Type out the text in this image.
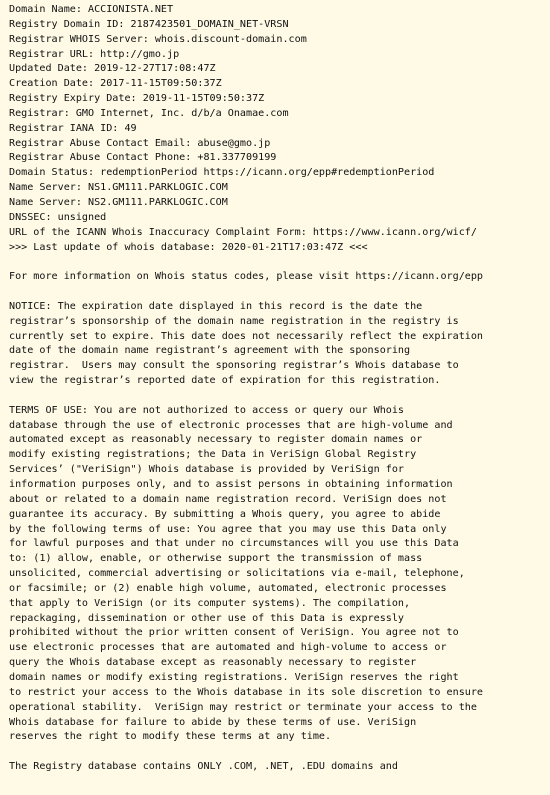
Domain Name: ACCIONISTA.NET
Registry Domain ID: 2187423501_DOMAIN_NET-VRSN
Registrar WHOIS Server: whois.discount-domain.com
Registrar URL: http://gmo.jp
Updated Date: 2019-12-27T17:08:47Z
Creation Date: 2017-11-15T09:50:37Z
Registry Expiry Date: 2019-11-15T09:50:37Z
Registrar: GMO Internet, Inc. d/b/a Onamae.com
Registrar IANA ID: 49
Registrar Abuse Contact Email: abuse@gmo.jp
Registrar Abuse Contact Phone: +81.337709199
Domain Status: redemptionPeriod https://icann.org/epp#redemptionPeriod
Name Server: NS1.GM111.PARKLOGIC.COM
Name Server: NS2.GM111.PARKLOGIC.COM
DNSSEC: unsigned
URL of the ICANN Whois Inaccuracy Complaint Form: https://www.icann.org/wicf/
>>> Last update of whois database: 2020-01-21T17:03:47Z <<<
For more information on Whois status codes, please visit https://icann.org/epp
NOTICE: The expiration date displayed in this record is the date the
registrar’s sponsorship of the domain name registration in the registry is
currently set to expire. This date does not necessarily reflect the expiration
date of the domain name registrant’s agreement with the sponsoring
registrar.  Users may consult the sponsoring registrar’s Whois database to
view the registrar’s reported date of expiration for this registration.
TERMS OF USE: You are not authorized to access or query our Whois
database through the use of electronic processes that are high-volume and
automated except as reasonably necessary to register domain names or
modify existing registrations; the Data in VeriSign Global Registry
Services’ ("VeriSign") Whois database is provided by VeriSign for
information purposes only, and to assist persons in obtaining information
about or related to a domain name registration record. VeriSign does not
guarantee its accuracy. By submitting a Whois query, you agree to abide
by the following terms of use: You agree that you may use this Data only
for lawful purposes and that under no circumstances will you use this Data
to: (1) allow, enable, or otherwise support the transmission of mass
unsolicited, commercial advertising or solicitations via e-mail, telephone,
or facsimile; or (2) enable high volume, automated, electronic processes
that apply to VeriSign (or its computer systems). The compilation,
repackaging, dissemination or other use of this Data is expressly
prohibited without the prior written consent of VeriSign. You agree not to
use electronic processes that are automated and high-volume to access or
query the Whois database except as reasonably necessary to register
domain names or modify existing registrations. VeriSign reserves the right
to restrict your access to the Whois database in its sole discretion to ensure
operational stability.  VeriSign may restrict or terminate your access to the
Whois database for failure to abide by these terms of use. VeriSign
reserves the right to modify these terms at any time.
The Registry database contains ONLY .COM, .NET, .EDU domains and
